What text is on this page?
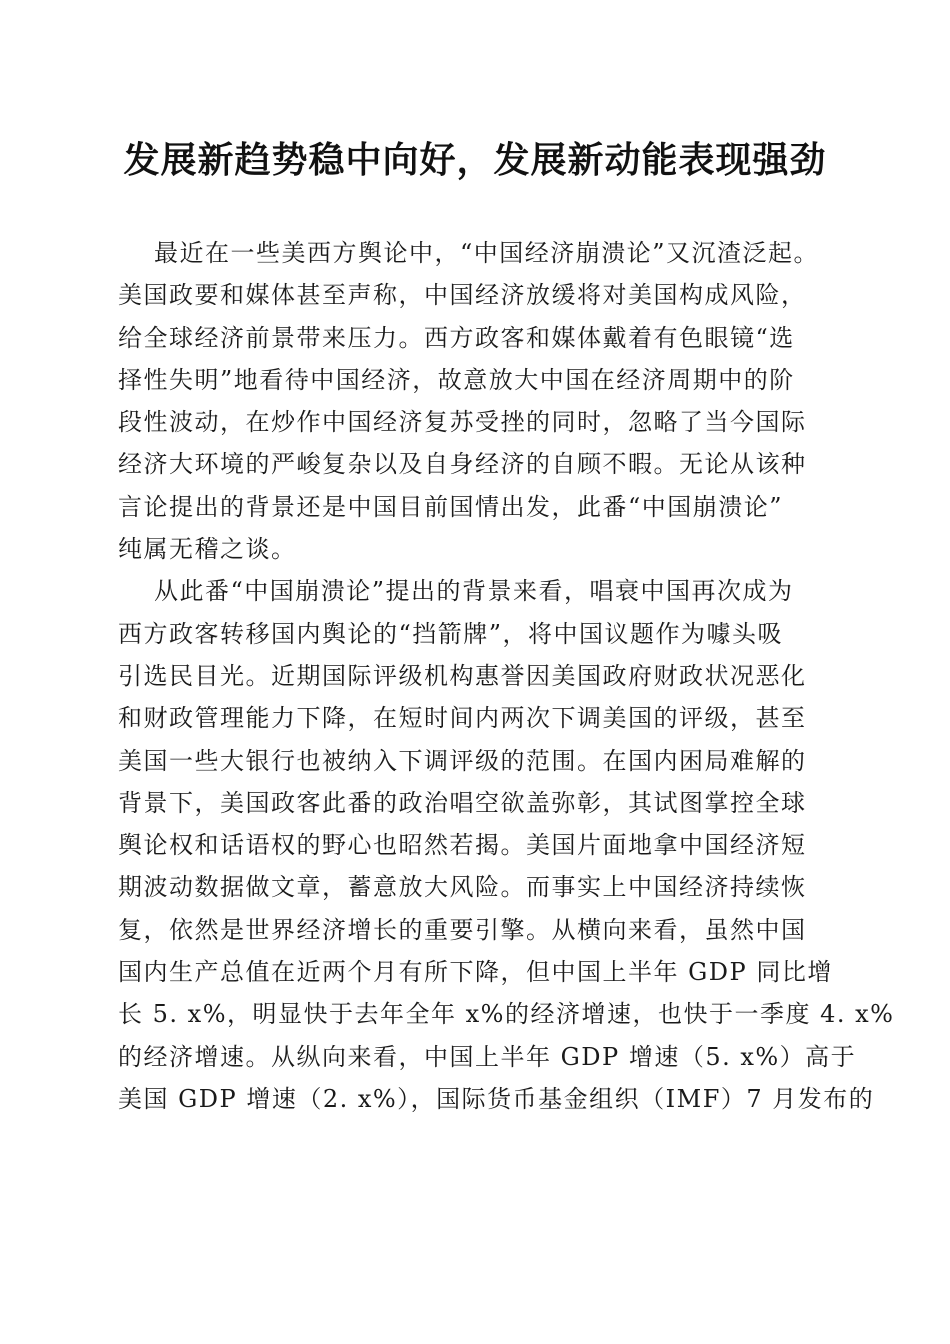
发展新趋势稳中向好，发展新动能表现强劲
最近在一些美西方舆论中，“中国经济崩溃论”又沉渣泛起。
美国政要和媒体甚至声称，中国经济放缓将对美国构成风险，
给全球经济前景带来压力。西方政客和媒体戴着有色眼镜“选
择性失明”地看待中国经济，故意放大中国在经济周期中的阶
段性波动，在炒作中国经济复苏受挫的同时，忽略了当今国际
经济大环境的严峻复杂以及自身经济的自顾不暇。无论从该种
言论提出的背景还是中国目前国情出发，此番“中国崩溃论”
纯属无稽之谈。
从此番“中国崩溃论”提出的背景来看，唱衰中国再次成为
西方政客转移国内舆论的“挡箭牌”，将中国议题作为噱头吸
引选民目光。近期国际评级机构惠誉因美国政府财政状况恶化
和财政管理能力下降，在短时间内两次下调美国的评级，甚至
美国一些大银行也被纳入下调评级的范围。在国内困局难解的
背景下，美国政客此番的政治唱空欲盖弥彰，其试图掌控全球
舆论权和话语权的野心也昭然若揭。美国片面地拿中国经济短
期波动数据做文章，蓄意放大风险。而事实上中国经济持续恢
复，依然是世界经济增长的重要引擎。从横向来看，虽然中国
国内生产总值在近两个月有所下降，但中国上半年 GDP 同比增
长 5. x%，明显快于去年全年 x%的经济增速，也快于一季度 4. x%
的经济增速。从纵向来看，中国上半年 GDP 增速（5. x%）高于
美国 GDP 增速（2. x%），国际货币基金组织（IMF）7 月发布的
